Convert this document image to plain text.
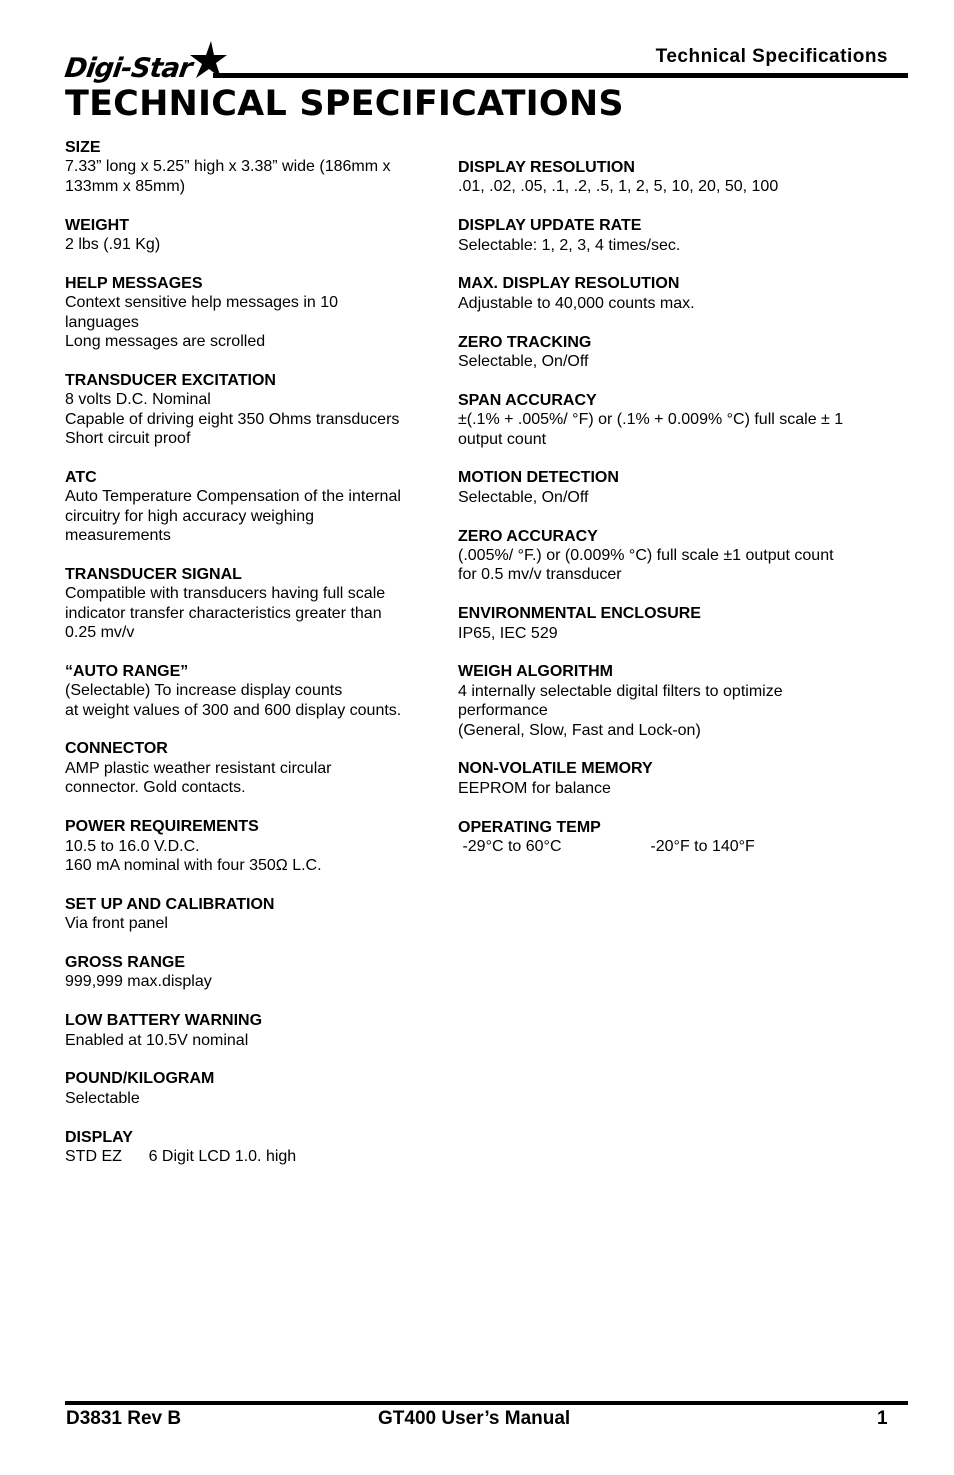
Digi-Star	Technical Specifications
TECHNICAL SPECIFICATIONS
SIZE
7.33” long x 5.25” high x 3.38” wide (186mm x
133mm x 85mm)
WEIGHT
2 lbs (.91 Kg)
HELP MESSAGES
Context sensitive help messages in 10
languages
Long messages are scrolled
TRANSDUCER EXCITATION
8 volts D.C. Nominal
Capable of driving eight 350 Ohms transducers
Short circuit proof
ATC
Auto Temperature Compensation of the internal
circuitry for high accuracy weighing
measurements
TRANSDUCER SIGNAL
Compatible with transducers having full scale
indicator transfer characteristics greater than
0.25 mv/v
“AUTO RANGE”
(Selectable) To increase display counts
at weight values of 300 and 600 display counts.
CONNECTOR
AMP plastic weather resistant circular
connector. Gold contacts.
POWER REQUIREMENTS
10.5 to 16.0 V.D.C.
160 mA nominal with four 350Ω L.C.
SET UP AND CALIBRATION
Via front panel
GROSS RANGE
999,999 max.display
LOW BATTERY WARNING
Enabled at 10.5V nominal
POUND/KILOGRAM
Selectable
DISPLAY
STD EZ      6 Digit LCD 1.0. high
DISPLAY RESOLUTION
.01, .02, .05, .1, .2, .5, 1, 2, 5, 10, 20, 50, 100
DISPLAY UPDATE RATE
Selectable: 1, 2, 3, 4 times/sec.
MAX. DISPLAY RESOLUTION
Adjustable to 40,000 counts max.
ZERO TRACKING
Selectable, On/Off
SPAN ACCURACY
±(.1% + .005%/ °F) or (.1% + 0.009% °C) full scale ± 1
output count
MOTION DETECTION
Selectable, On/Off
ZERO ACCURACY
(.005%/ °F.) or (0.009% °C) full scale ±1 output count
for 0.5 mv/v transducer
ENVIRONMENTAL ENCLOSURE
IP65, IEC 529
WEIGH ALGORITHM
4 internally selectable digital filters to optimize
performance
(General, Slow, Fast and Lock-on)
NON-VOLATILE MEMORY
EEPROM for balance
OPERATING TEMP
-29°C to 60°C                    -20°F to 140°F
D3831 Rev B	GT400 User’s Manual	1
